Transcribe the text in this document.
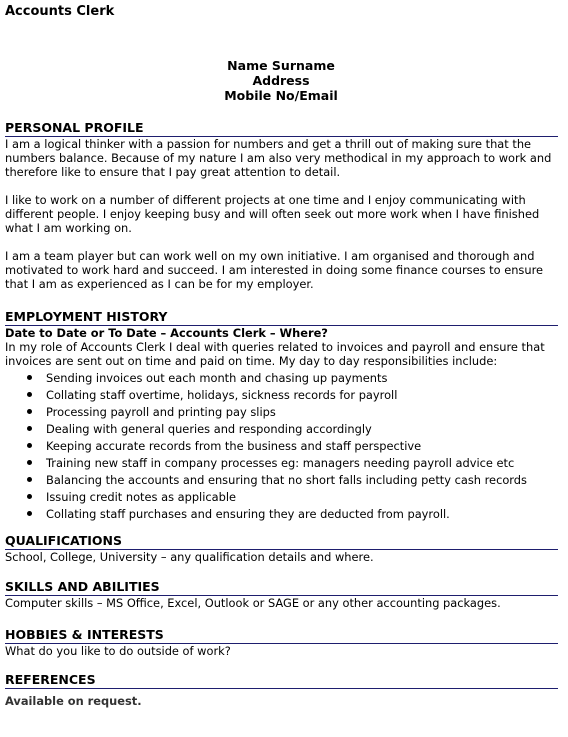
Accounts Clerk
Name Surname
Address
Mobile No/Email
PERSONAL PROFILE

I am a logical thinker with a passion for numbers and get a thrill out of making sure that the numbers balance. Because of my nature I am also very methodical in my approach to work and therefore like to ensure that I pay great attention to detail.

I like to work on a number of different projects at one time and I enjoy communicating with different people. I enjoy keeping busy and will often seek out more work when I have finished what I am working on.

I am a team player but can work well on my own initiative. I am organised and thorough and motivated to work hard and succeed. I am interested in doing some finance courses to ensure that I am as experienced as I can be for my employer.

EMPLOYMENT HISTORY
Date to Date or To Date – Accounts Clerk – Where?

In my role of Accounts Clerk I deal with queries related to invoices and payroll and ensure that invoices are sent out on time and paid on time. My day to day responsibilities include:

Sending invoices out each month and chasing up payments
Collating staff overtime, holidays, sickness records for payroll
Processing payroll and printing pay slips
Dealing with general queries and responding accordingly
Keeping accurate records from the business and staff perspective
Training new staff in company processes eg: managers needing payroll advice etc
Balancing the accounts and ensuring that no short falls including petty cash records
Issuing credit notes as applicable
Collating staff purchases and ensuring they are deducted from payroll.
QUALIFICATIONS

School, College, University – any qualification details and where.

SKILLS AND ABILITIES

Computer skills – MS Office, Excel, Outlook or SAGE or any other accounting packages.

HOBBIES & INTERESTS

What do you like to do outside of work?

REFERENCES
Available on request.
